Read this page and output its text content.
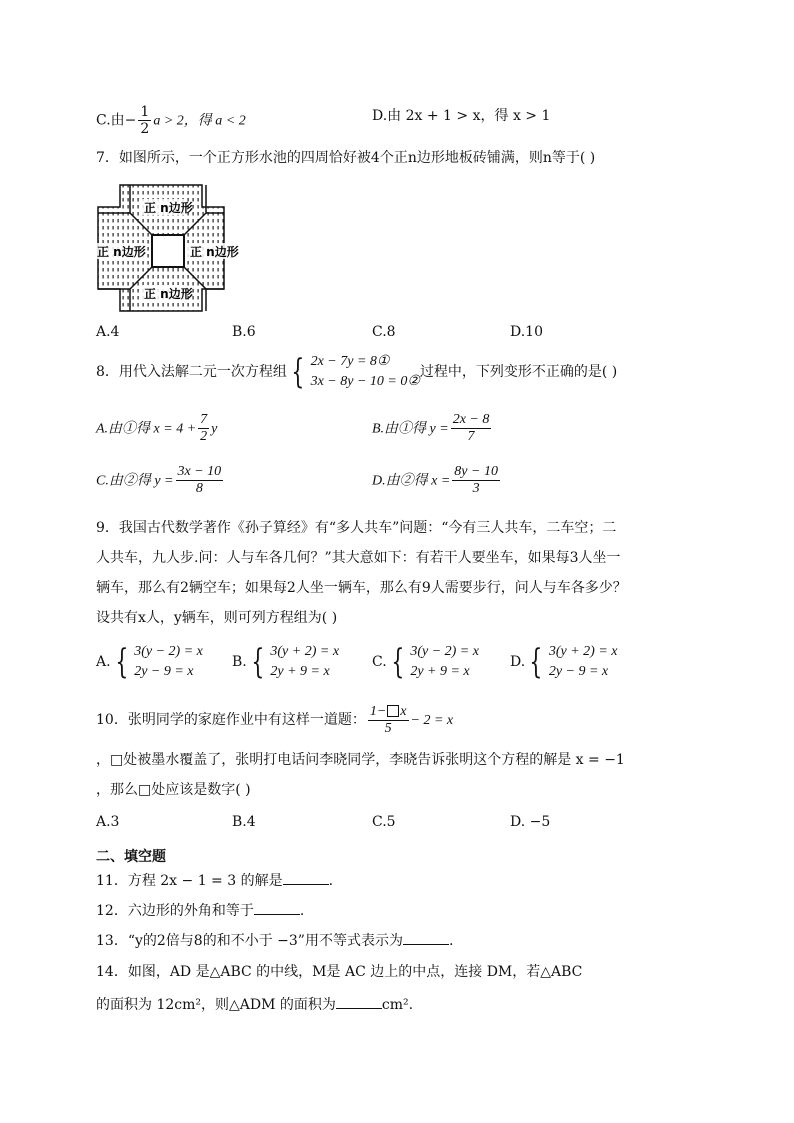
C.由− $\frac{1}{2}$ a > 2，得 a < 2	D.由 2x + 1 > x，得 x > 1
7．如图所示，一个正方形水池的四周恰好被4个正n边形地板砖铺满，则n等于( )
正 n边形
正 n边形	正 n边形
正 n边形
A.4	B.6	C.8	D.10
8．用代入法解二元一次方程组 { 2x − 7y = 8①
3x − 8y − 10 = 0②
过程中，下列变形不正确的是( )
A.由①得 $x = 4 + \frac{7}{2}$ y	B.由①得 $y = \frac{2x - 8}{7}$
C.由②得 $y = \frac{3x - 10}{8}$	D.由②得 $x = \frac{8y - 10}{3}$
9．我国古代数学著作《孙子算经》有“多人共车”问题：“今有三人共车，二车空；二
人共车，九人步.问：人与车各几何？”其大意如下：有若干人要坐车，如果每3人坐一
辆车，那么有2辆空车；如果每2人坐一辆车，那么有9人需要步行，问人与车各多少？
设共有x人，y辆车，则可列方程组为( )
A. { 3(y − 2) = x
2y − 9 = x
B. { 3(y + 2) = x
2y + 9 = x
C. { 3(y − 2) = x
2y + 9 = x
D. { 3(y + 2) = x
2y − 9 = x
10．张明同学的家庭作业中有这样一道题： $\frac{1- x}{5} - 2 = x$
，□处被墨水覆盖了，张明打电话问李晓同学，李晓告诉张明这个方程的解是 x = −1
，那么□处应该是数字( )
A.3	B.4	C.5	D. −5
二、填空题
11．方程 2x − 1 = 3 的解是	.
12．六边形的外角和等于	.
13．“y的2倍与8的和不小于 −3”用不等式表示为	.
14．如图，AD 是△ABC 的中线，M是 AC 边上的中点，连接 DM，若△ABC
的面积为 12cm²，则△ADM 的面积为	cm².
